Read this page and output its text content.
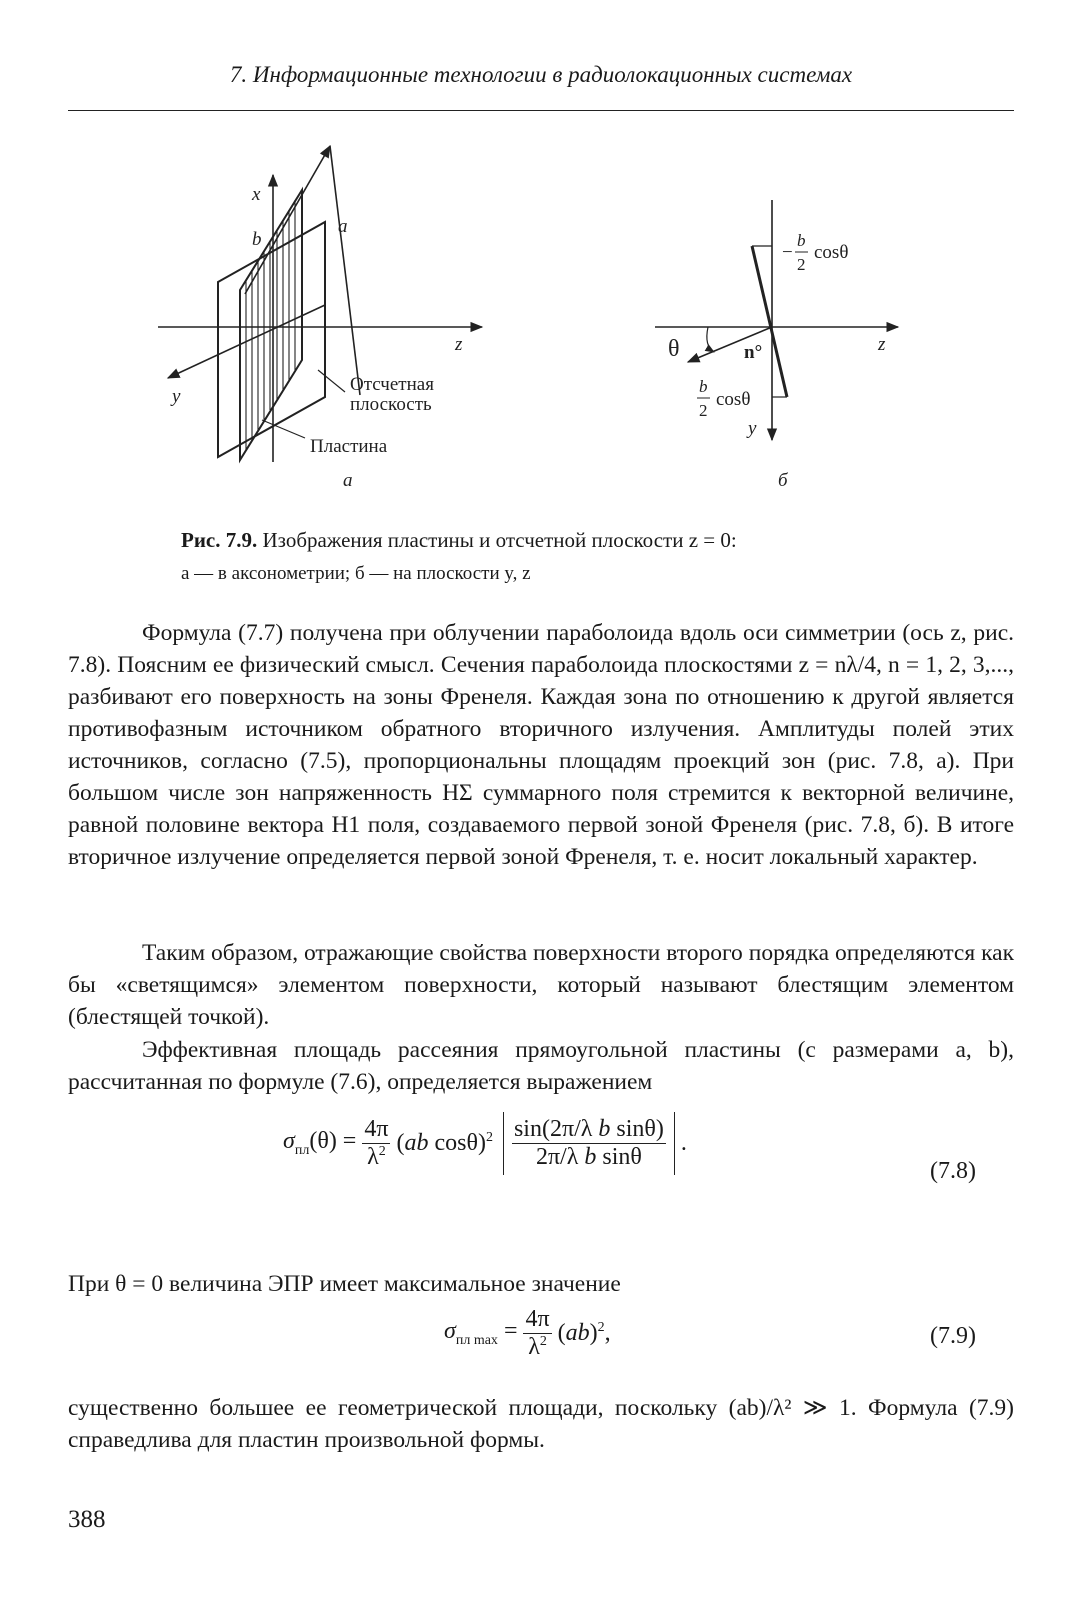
7. Информационные технологии в радиолокационных системах
x
b
a
z
y
Отсчетная плоскость
Пластина
а
θ	n°	z
y
−
b
2
cosθ
b
2
cosθ
б
Рис. 7.9. Изображения пластины и отсчетной плоскости z = 0:
а — в аксонометрии; б — на плоскости y, z

Формула (7.7) получена при облучении параболоида вдоль оси симметрии (ось z, рис. 7.8). Поясним ее физический смысл. Сечения параболоида плоскостями z = nλ/4, n = 1, 2, 3,..., разбивают его поверхность на зоны Френеля. Каждая зона по отношению к другой является противофазным источником обратного вторичного излучения. Амплитуды полей этих источников, согласно (7.5), пропорциональны площадям проекций зон (рис. 7.8, а). При большом числе зон напряженность HΣ суммарного поля стремится к векторной величине, равной половине вектора H1 поля, создаваемого первой зоной Френеля (рис. 7.8, б). В итоге вторичное излучение определяется первой зоной Френеля, т. е. носит локальный характер.

Таким образом, отражающие свойства поверхности второго порядка определяются как бы «светящимся» элементом поверхности, который называют блестящим элементом (блестящей точкой).

Эффективная площадь рассеяния прямоугольной пластины (с размерами a, b), рассчитанная по формуле (7.6), определяется выражением

$\sigma_{пл}(\theta) = \frac{4\pi}{\lambda^2} (ab$ $\cos\theta)^2 \frac{\text{sin(2π/λ b sinθ)}}{\text{2π/λ b sinθ}}$ .
(7.8)

При θ = 0 величина ЭПР имеет максимальное значение

$\sigma_{пл max} = \frac{4\pi}{\lambda^2} (ab)^2$,	(7.9)

существенно большее ее геометрической площади, поскольку (ab)/λ² ≫ 1. Формула (7.9) справедлива для пластин произвольной формы.

388
